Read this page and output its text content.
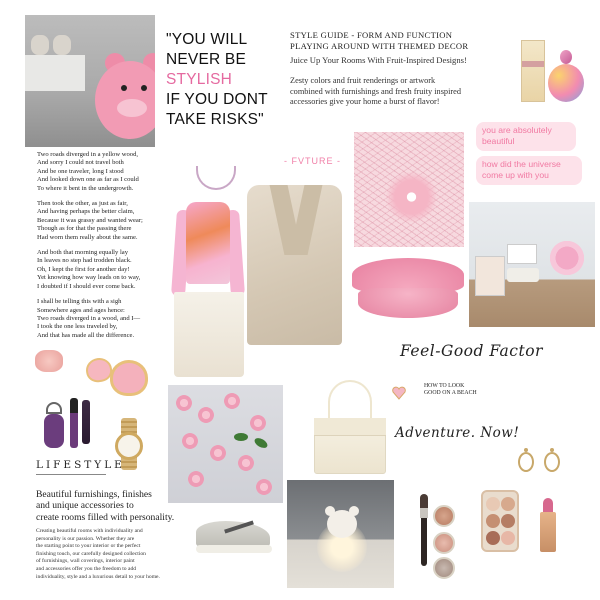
Two roads diverged in a yellow wood,
And sorry I could not travel both
And be one traveler, long I stood
And looked down one as far as I could
To where it bent in the undergrowth.

Then took the other, as just as fair,
And having perhaps the better claim,
Because it was grassy and wanted wear;
Though as for that the passing there
Had worn them really about the same.

And both that morning equally lay
In leaves no step had trodden black.
Oh, I kept the first for another day!
Yet knowing how way leads on to way,
I doubted if I should ever come back.

I shall be telling this with a sigh
Somewhere ages and ages hence:
Two roads diverged in a wood, and I—
I took the one less traveled by,
And that has made all the difference.

"YOU WILL
NEVER BE
STYLISH
IF YOU DONT
TAKE RISKS"
STYLE GUIDE - FORM AND FUNCTION
PLAYING AROUND WITH THEMED DECOR
Juice Up Your Rooms With Fruit-Inspired Designs!
Zesty colors and fruit renderings or artwork
combined with furnishings and fresh fruity inspired
accessories give your home a burst of flavor!
- FVTURE -
you are absolutely
beautiful
how did the universe
come up with you
Feel-Good Factor
HOW TO LOOK
GOOD ON A BEACH
Adventure. Now!
LIFESTYLE
Beautiful furnishings, finishes
and unique accessories to
create rooms filled with personality.
Creating beautiful rooms with individuality and
personality is our passion. Whether they are
the starting point to your interior or the perfect
finishing touch, our carefully designed collection
of furnishings, wall coverings, interior paint
and accessories offer you the freedom to add
individuality, style and a luxurious detail to your home.
